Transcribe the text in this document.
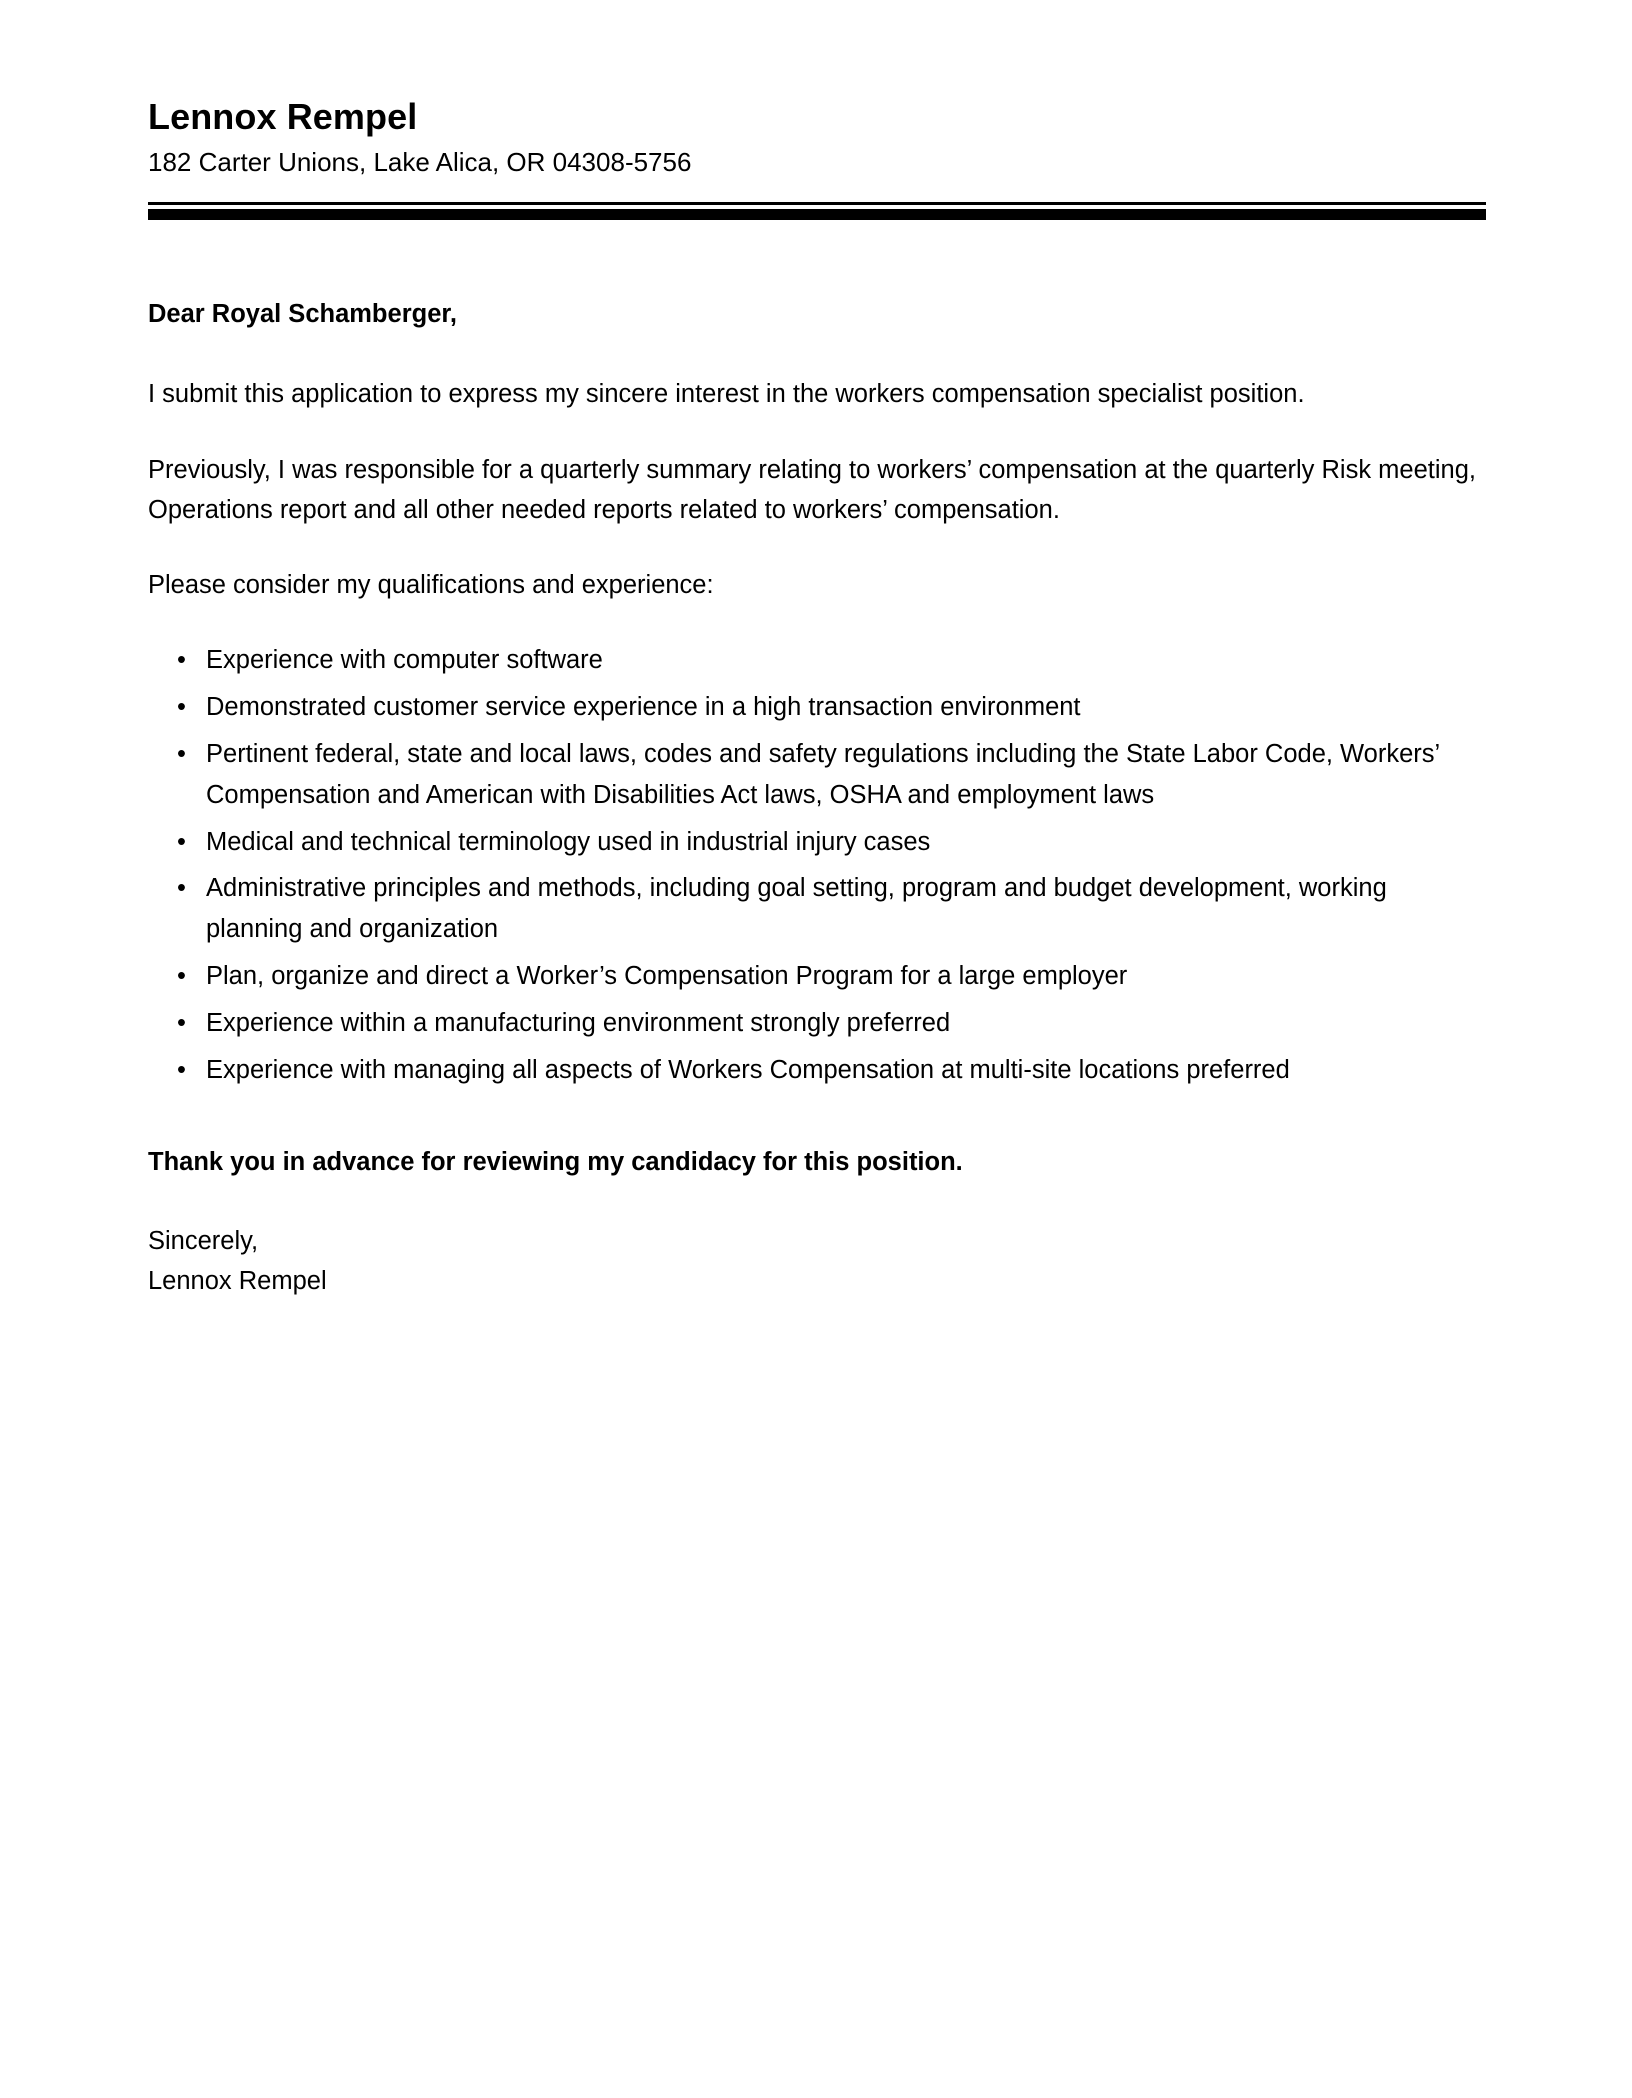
Lennox Rempel

182 Carter Unions, Lake Alica, OR 04308-5756

Dear Royal Schamberger,

I submit this application to express my sincere interest in the workers compensation specialist position.

Previously, I was responsible for a quarterly summary relating to workers’ compensation at the quarterly Risk meeting, Operations report and all other needed reports related to workers’ compensation.

Please consider my qualifications and experience:

• Experience with computer software
• Demonstrated customer service experience in a high transaction environment
• Pertinent federal, state and local laws, codes and safety regulations including the State Labor Code, Workers’ Compensation and American with Disabilities Act laws, OSHA and employment laws
• Medical and technical terminology used in industrial injury cases
• Administrative principles and methods, including goal setting, program and budget development, working planning and organization
• Plan, organize and direct a Worker’s Compensation Program for a large employer
• Experience within a manufacturing environment strongly preferred
• Experience with managing all aspects of Workers Compensation at multi-site locations preferred

Thank you in advance for reviewing my candidacy for this position.

Sincerely,
Lennox Rempel
